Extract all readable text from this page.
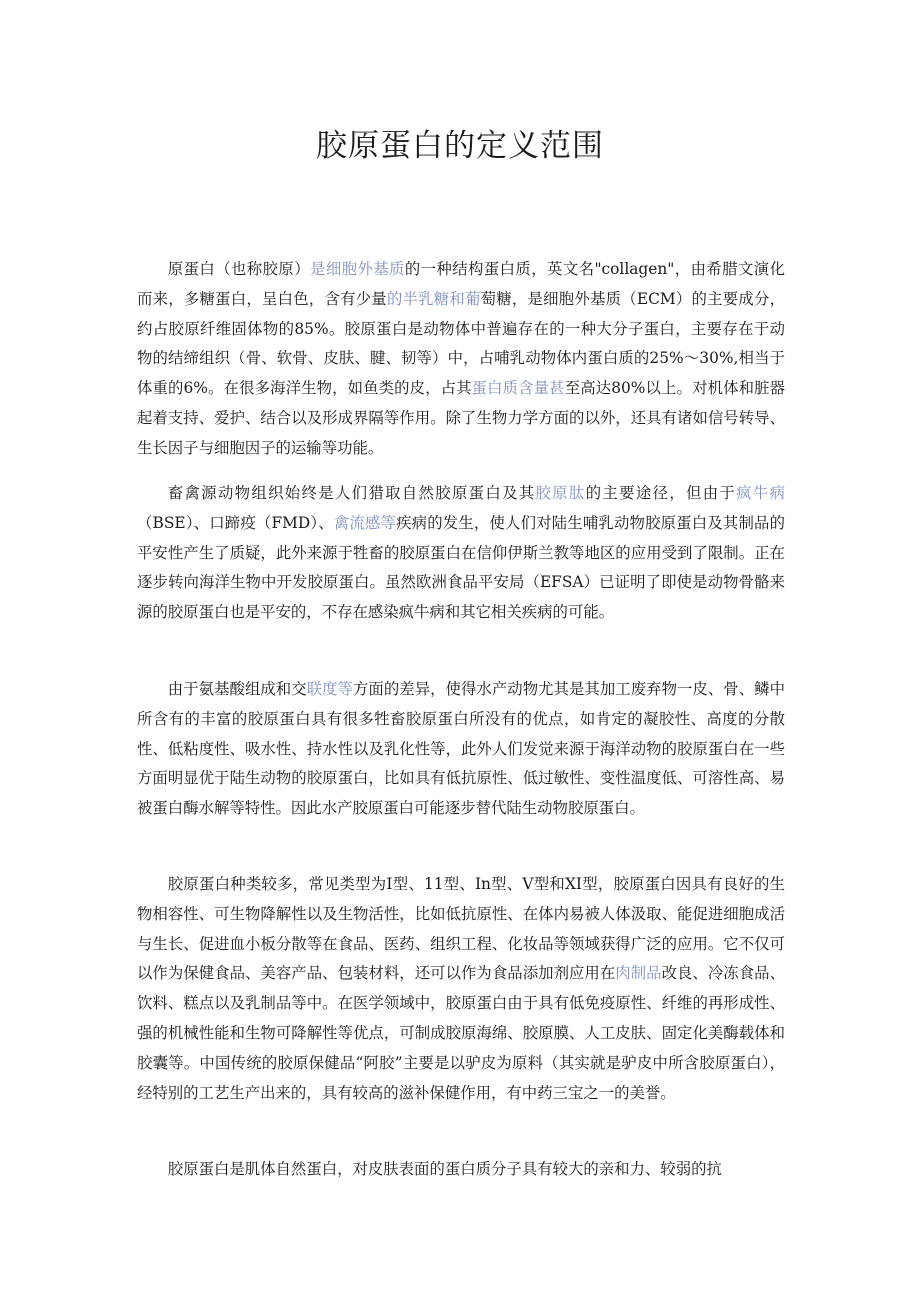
胶原蛋白的定义范围

原蛋白（也称胶原）是细胞外基质的一种结构蛋白质，英文名"collagen"，由希腊文演化而来，多糖蛋白，呈白色，含有少量的半乳糖和葡萄糖，是细胞外基质（ECM）的主要成分，约占胶原纤维固体物的85%。胶原蛋白是动物体中普遍存在的一种大分子蛋白，主要存在于动物的结缔组织（骨、软骨、皮肤、腱、韧等）中，占哺乳动物体内蛋白质的25%～30%,相当于体重的6%。在很多海洋生物，如鱼类的皮，占其蛋白质含量甚至高达80%以上。对机体和脏器起着支持、爱护、结合以及形成界隔等作用。除了生物力学方面的以外，还具有诸如信号转导、生长因子与细胞因子的运输等功能。

畜禽源动物组织始终是人们猎取自然胶原蛋白及其胶原肽的主要途径，但由于疯牛病（BSE）、口蹄疫（FMD）、禽流感等疾病的发生，使人们对陆生哺乳动物胶原蛋白及其制品的平安性产生了质疑，此外来源于牲畜的胶原蛋白在信仰伊斯兰教等地区的应用受到了限制。正在逐步转向海洋生物中开发胶原蛋白。虽然欧洲食品平安局（EFSA）已证明了即使是动物骨骼来源的胶原蛋白也是平安的，不存在感染疯牛病和其它相关疾病的可能。

由于氨基酸组成和交联度等方面的差异，使得水产动物尤其是其加工废弃物一皮、骨、鳞中所含有的丰富的胶原蛋白具有很多牲畜胶原蛋白所没有的优点，如肯定的凝胶性、高度的分散性、低粘度性、吸水性、持水性以及乳化性等，此外人们发觉来源于海洋动物的胶原蛋白在一些方面明显优于陆生动物的胶原蛋白，比如具有低抗原性、低过敏性、变性温度低、可溶性高、易被蛋白酶水解等特性。因此水产胶原蛋白可能逐步替代陆生动物胶原蛋白。

胶原蛋白种类较多，常见类型为I型、11型、In型、V型和XI型，胶原蛋白因具有良好的生物相容性、可生物降解性以及生物活性，比如低抗原性、在体内易被人体汲取、能促进细胞成活与生长、促进血小板分散等在食品、医药、组织工程、化妆品等领域获得广泛的应用。它不仅可以作为保健食品、美容产品、包装材料，还可以作为食品添加剂应用在肉制品改良、冷冻食品、饮料、糕点以及乳制品等中。在医学领域中，胶原蛋白由于具有低免疫原性、纤维的再形成性、强的机械性能和生物可降解性等优点，可制成胶原海绵、胶原膜、人工皮肤、固定化美酶载体和胶囊等。中国传统的胶原保健品“阿胶”主要是以驴皮为原料（其实就是驴皮中所含胶原蛋白），经特别的工艺生产出来的，具有较高的滋补保健作用，有中药三宝之一的美誉。

胶原蛋白是肌体自然蛋白，对皮肤表面的蛋白质分子具有较大的亲和力、较弱的抗
